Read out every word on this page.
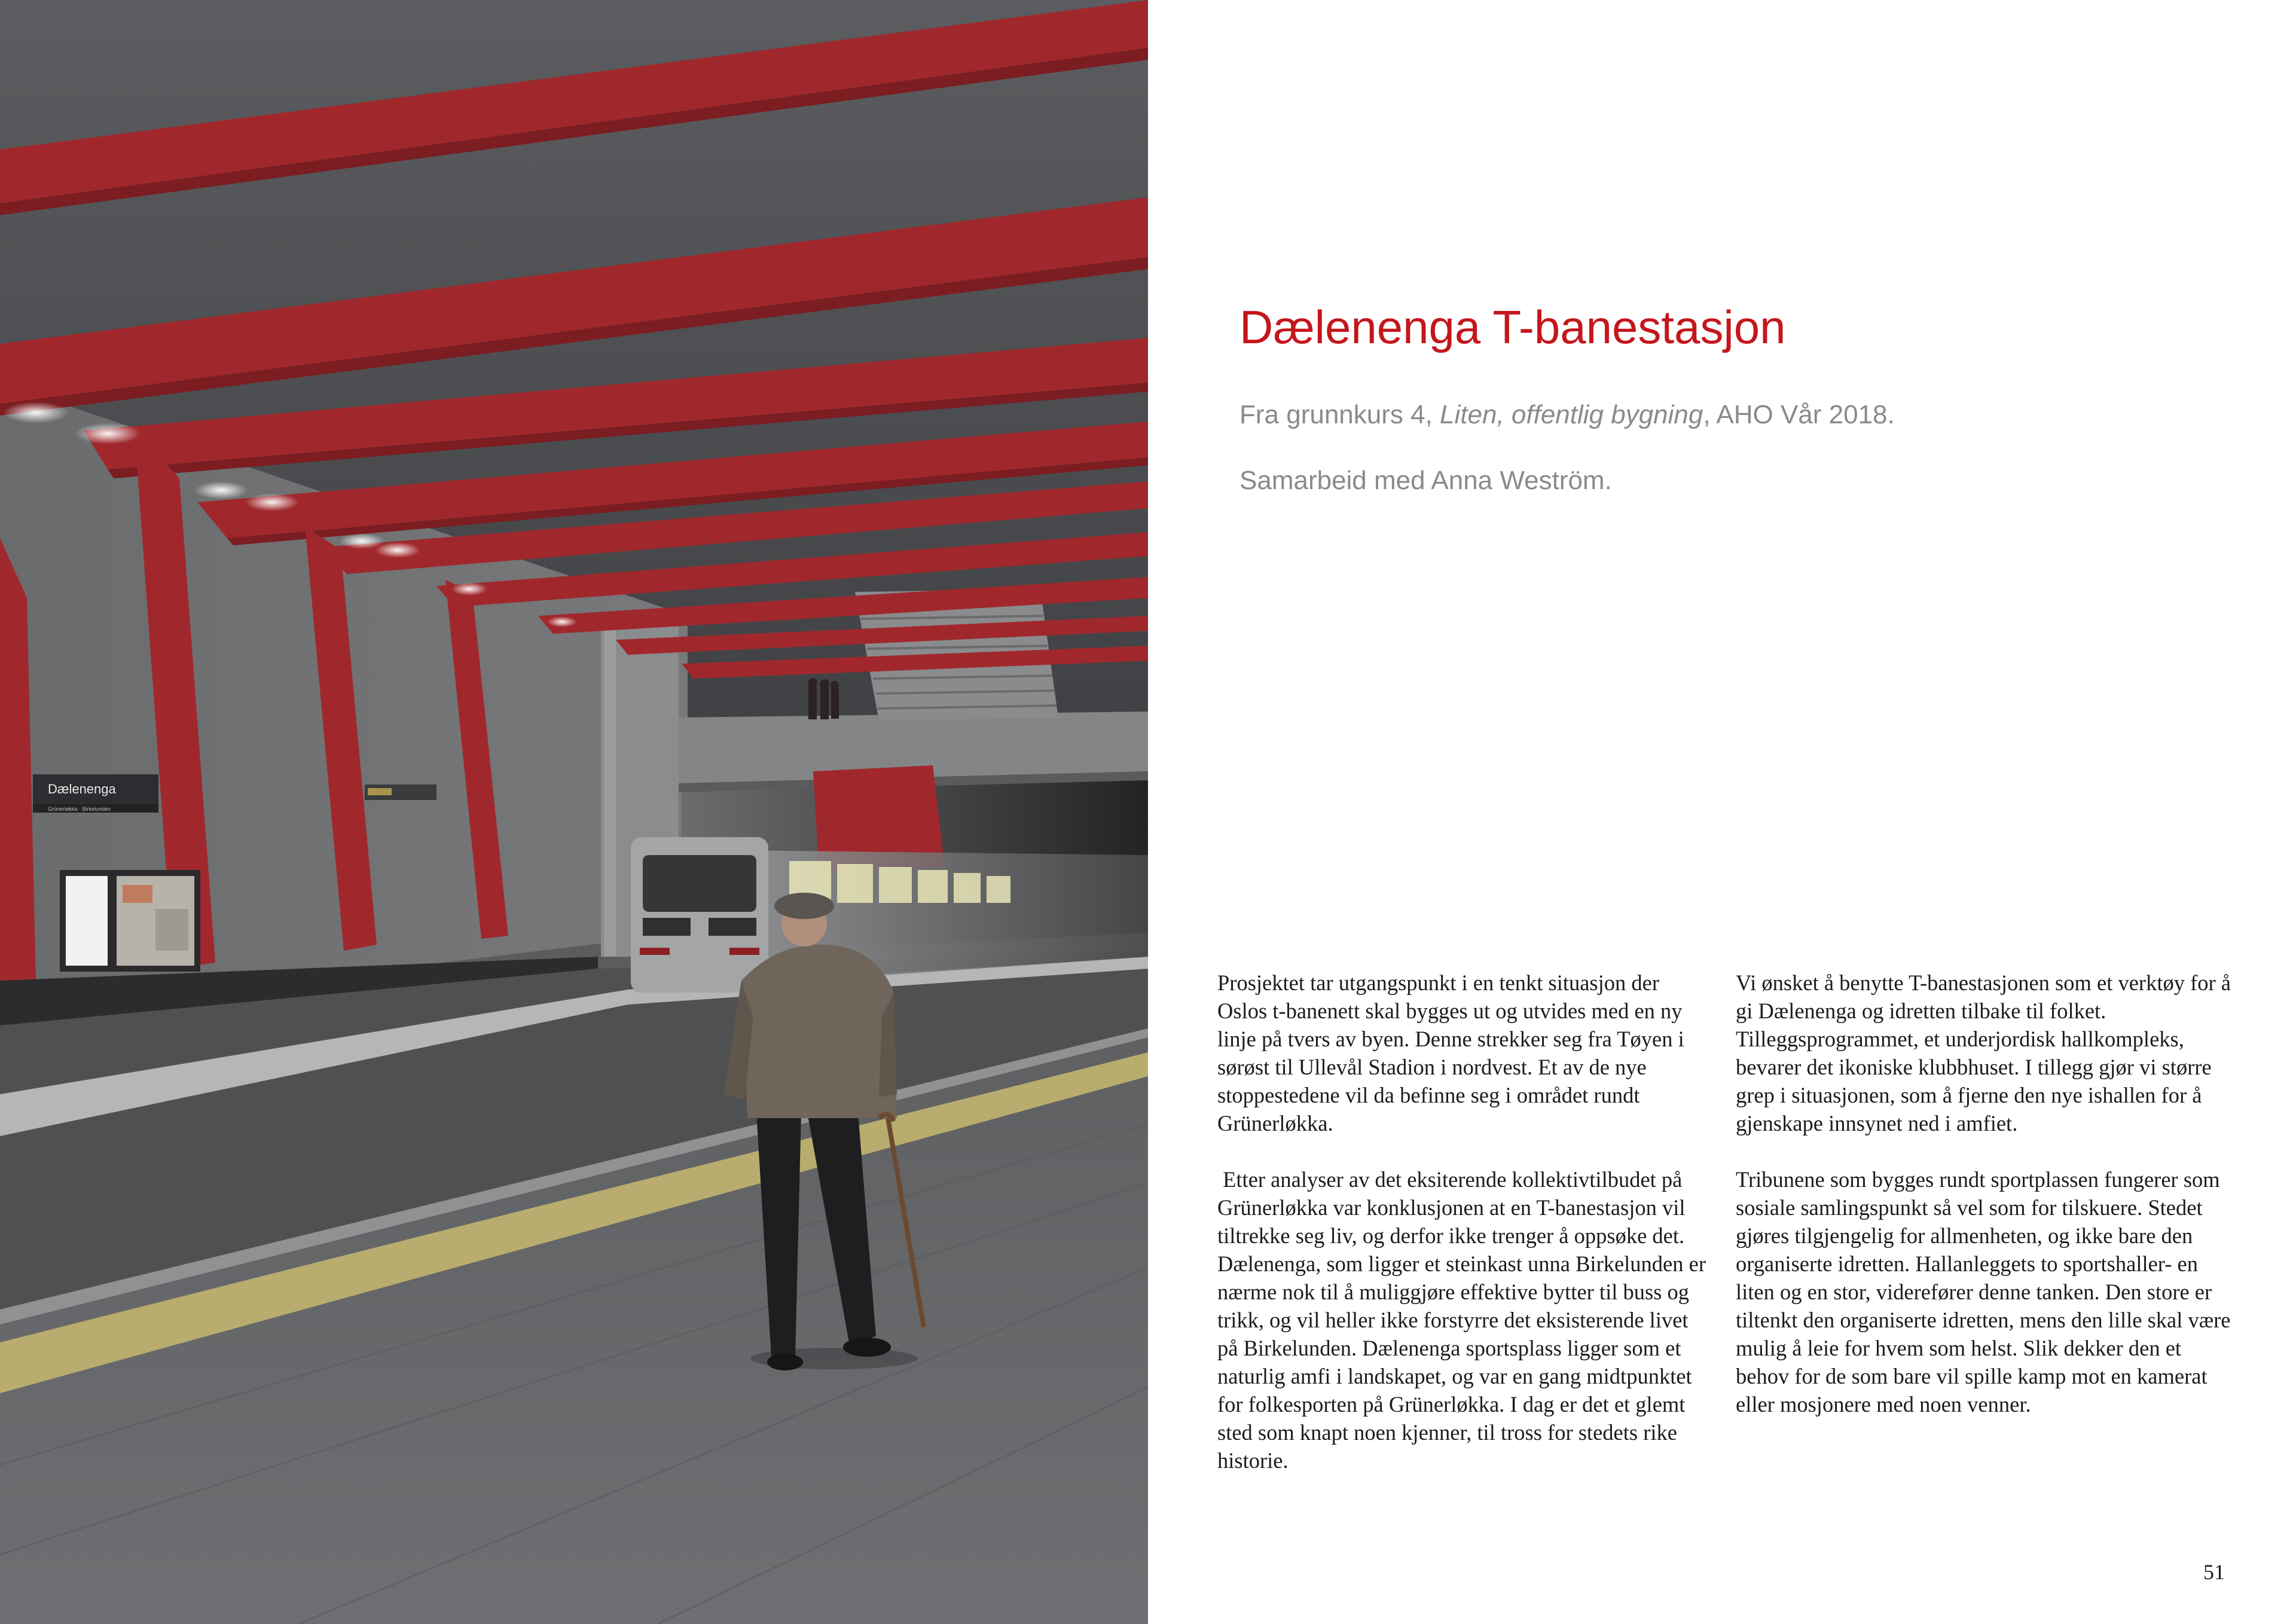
Dælenenga
Grünerløkka · Birkelunden
Dælenenga T-banestasjon

Fra grunnkurs 4, Liten, offentlig bygning, AHO Vår 2018.

Samarbeid med Anna Weström.

Prosjektet tar utgangspunkt i en tenkt situasjon der Oslos t-banenett skal bygges ut og utvides med en ny linje på tvers av byen. Denne strekker seg fra Tøyen i sørøst til Ullevål Stadion i nordvest. Et av de nye stoppestedene vil da befinne seg i området rundt Grünerløkka.

Etter analyser av det eksiterende kollektivtilbudet på Grünerløkka var konklusjonen at en T-banestasjon vil tiltrekke seg liv, og derfor ikke trenger å oppsøke det. Dælenenga, som ligger et steinkast unna Birkelunden er nærme nok til å muliggjøre effektive bytter til buss og trikk, og vil heller ikke forstyrre det eksisterende livet på Birkelunden. Dælenenga sportsplass ligger som et naturlig amfi i landskapet, og var en gang midtpunktet for folkesporten på Grünerløkka. I dag er det et glemt sted som knapt noen kjenner, til tross for stedets rike historie.

Vi ønsket å benytte T-banestasjonen som et verktøy for å gi Dælenenga og idretten tilbake til folket. Tilleggsprogrammet, et underjordisk hallkompleks, bevarer det ikoniske klubbhuset. I tillegg gjør vi større grep i situasjonen, som å fjerne den nye ishallen for å gjenskape innsynet ned i amfiet.

Tribunene som bygges rundt sportplassen fungerer som sosiale samlingspunkt så vel som for tilskuere. Stedet gjøres tilgjengelig for allmenheten, og ikke bare den organiserte idretten. Hallanleggets to sportshaller- en liten og en stor, viderefører denne tanken. Den store er tiltenkt den organiserte idretten, mens den lille skal være mulig å leie for hvem som helst. Slik dekker den et behov for de som bare vil spille kamp mot en kamerat eller mosjonere med noen venner.

51
